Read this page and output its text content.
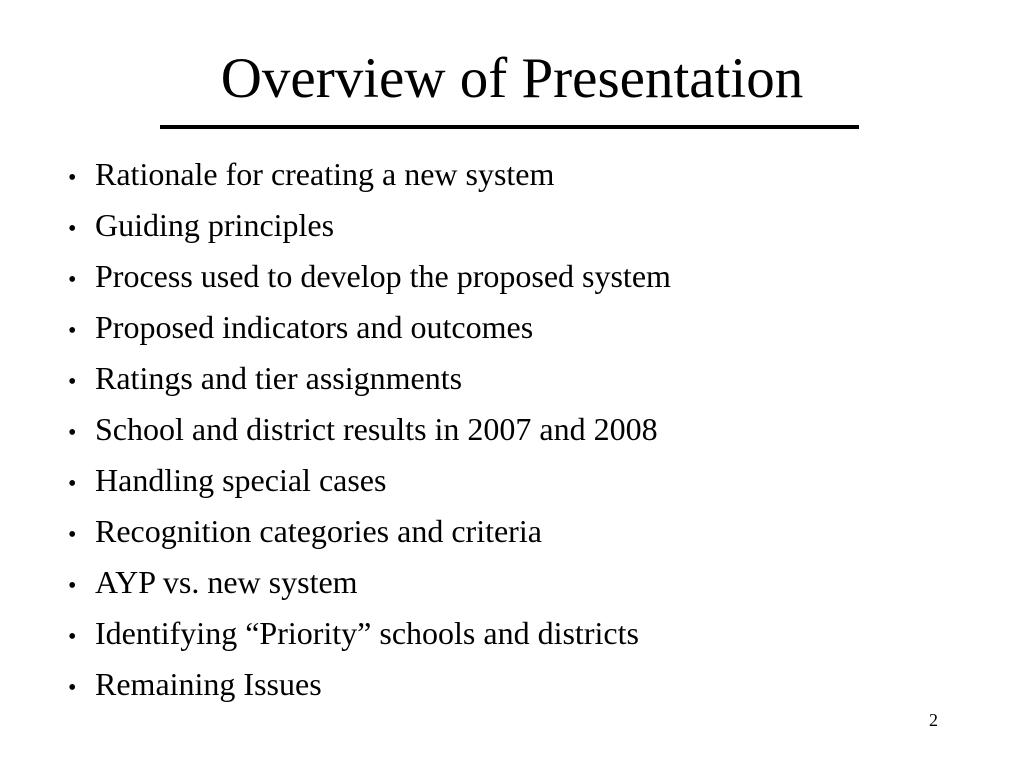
Overview of Presentation
• Rationale for creating a new system
• Guiding principles
• Process used to develop the proposed system
• Proposed indicators and outcomes
• Ratings and tier assignments
• School and district results in 2007 and 2008
• Handling special cases
• Recognition categories and criteria
• AYP vs. new system
• Identifying “Priority” schools and districts
• Remaining Issues
2
